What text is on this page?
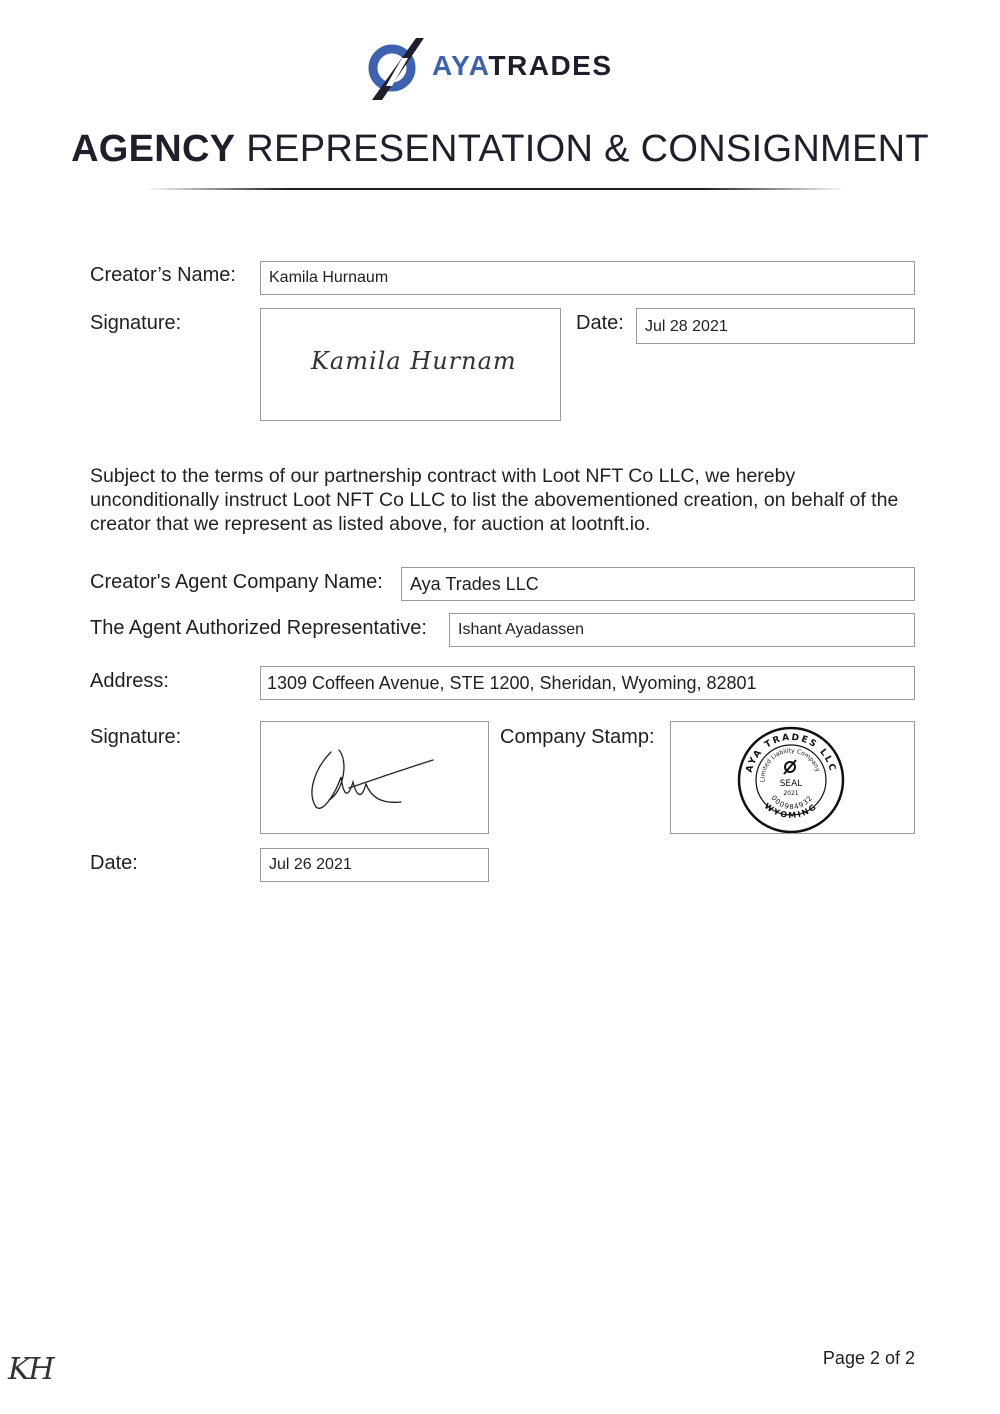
AYATRADES
AGENCY REPRESENTATION & CONSIGNMENT
Creator’s Name:	Kamila Hurnaum
Signature:
Kamila Hurnam
Date:	Jul 28 2021
Subject to the terms of our partnership contract with Loot NFT Co LLC, we hereby unconditionally instruct Loot NFT Co LLC to list the abovementioned creation, on behalf of the creator that we represent as listed above, for auction at lootnft.io.
Creator's Agent Company Name:	Aya Trades LLC
The Agent Authorized Representative:	Ishant Ayadassen
Address:	1309 Coffeen Avenue, STE 1200, Sheridan, Wyoming, 82801
Signature:	Company Stamp:
AYA TRADES LLC
Limited Liability Company
000984932
WYOMING
SEAL
2021
Date:	Jul 26 2021
KH	Page 2 of 2
